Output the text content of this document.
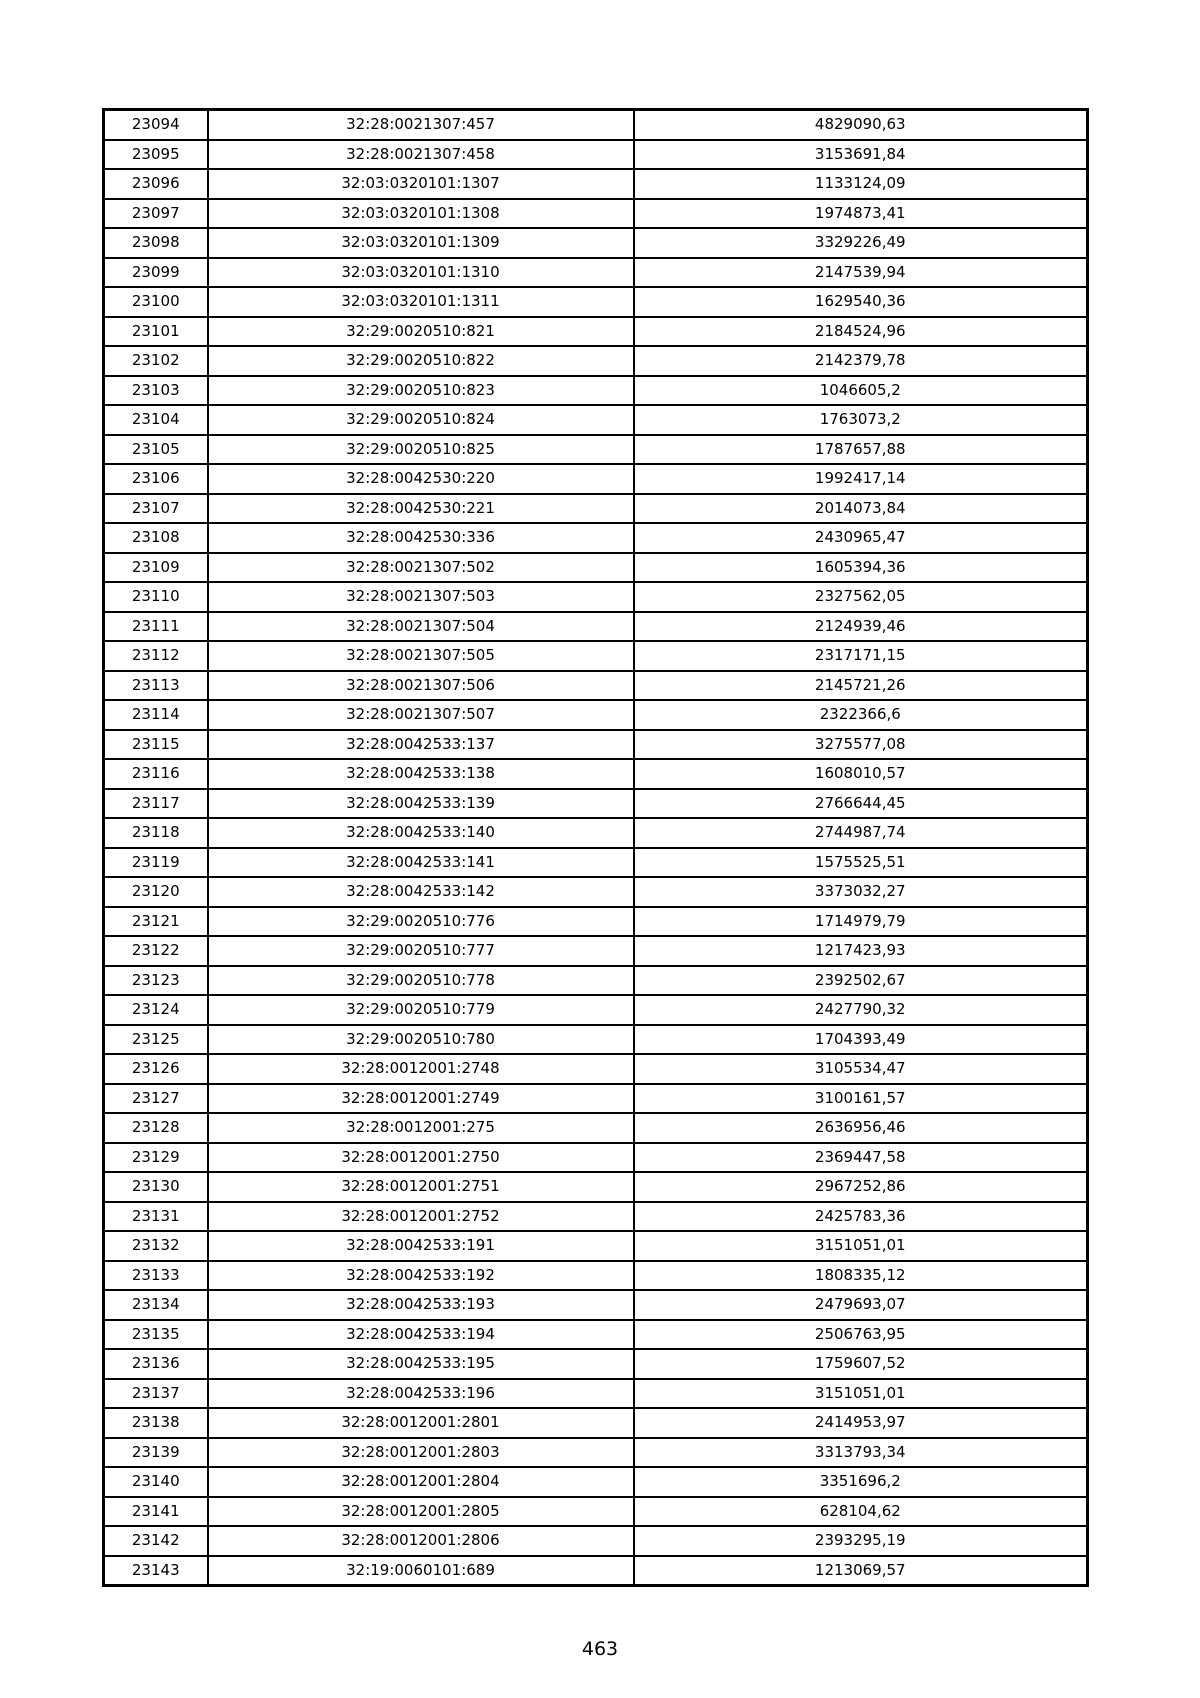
23094	32:28:0021307:457	4829090,63
23095	32:28:0021307:458	3153691,84
23096	32:03:0320101:1307	1133124,09
23097	32:03:0320101:1308	1974873,41
23098	32:03:0320101:1309	3329226,49
23099	32:03:0320101:1310	2147539,94
23100	32:03:0320101:1311	1629540,36
23101	32:29:0020510:821	2184524,96
23102	32:29:0020510:822	2142379,78
23103	32:29:0020510:823	1046605,2
23104	32:29:0020510:824	1763073,2
23105	32:29:0020510:825	1787657,88
23106	32:28:0042530:220	1992417,14
23107	32:28:0042530:221	2014073,84
23108	32:28:0042530:336	2430965,47
23109	32:28:0021307:502	1605394,36
23110	32:28:0021307:503	2327562,05
23111	32:28:0021307:504	2124939,46
23112	32:28:0021307:505	2317171,15
23113	32:28:0021307:506	2145721,26
23114	32:28:0021307:507	2322366,6
23115	32:28:0042533:137	3275577,08
23116	32:28:0042533:138	1608010,57
23117	32:28:0042533:139	2766644,45
23118	32:28:0042533:140	2744987,74
23119	32:28:0042533:141	1575525,51
23120	32:28:0042533:142	3373032,27
23121	32:29:0020510:776	1714979,79
23122	32:29:0020510:777	1217423,93
23123	32:29:0020510:778	2392502,67
23124	32:29:0020510:779	2427790,32
23125	32:29:0020510:780	1704393,49
23126	32:28:0012001:2748	3105534,47
23127	32:28:0012001:2749	3100161,57
23128	32:28:0012001:275	2636956,46
23129	32:28:0012001:2750	2369447,58
23130	32:28:0012001:2751	2967252,86
23131	32:28:0012001:2752	2425783,36
23132	32:28:0042533:191	3151051,01
23133	32:28:0042533:192	1808335,12
23134	32:28:0042533:193	2479693,07
23135	32:28:0042533:194	2506763,95
23136	32:28:0042533:195	1759607,52
23137	32:28:0042533:196	3151051,01
23138	32:28:0012001:2801	2414953,97
23139	32:28:0012001:2803	3313793,34
23140	32:28:0012001:2804	3351696,2
23141	32:28:0012001:2805	628104,62
23142	32:28:0012001:2806	2393295,19
23143	32:19:0060101:689	1213069,57
463
